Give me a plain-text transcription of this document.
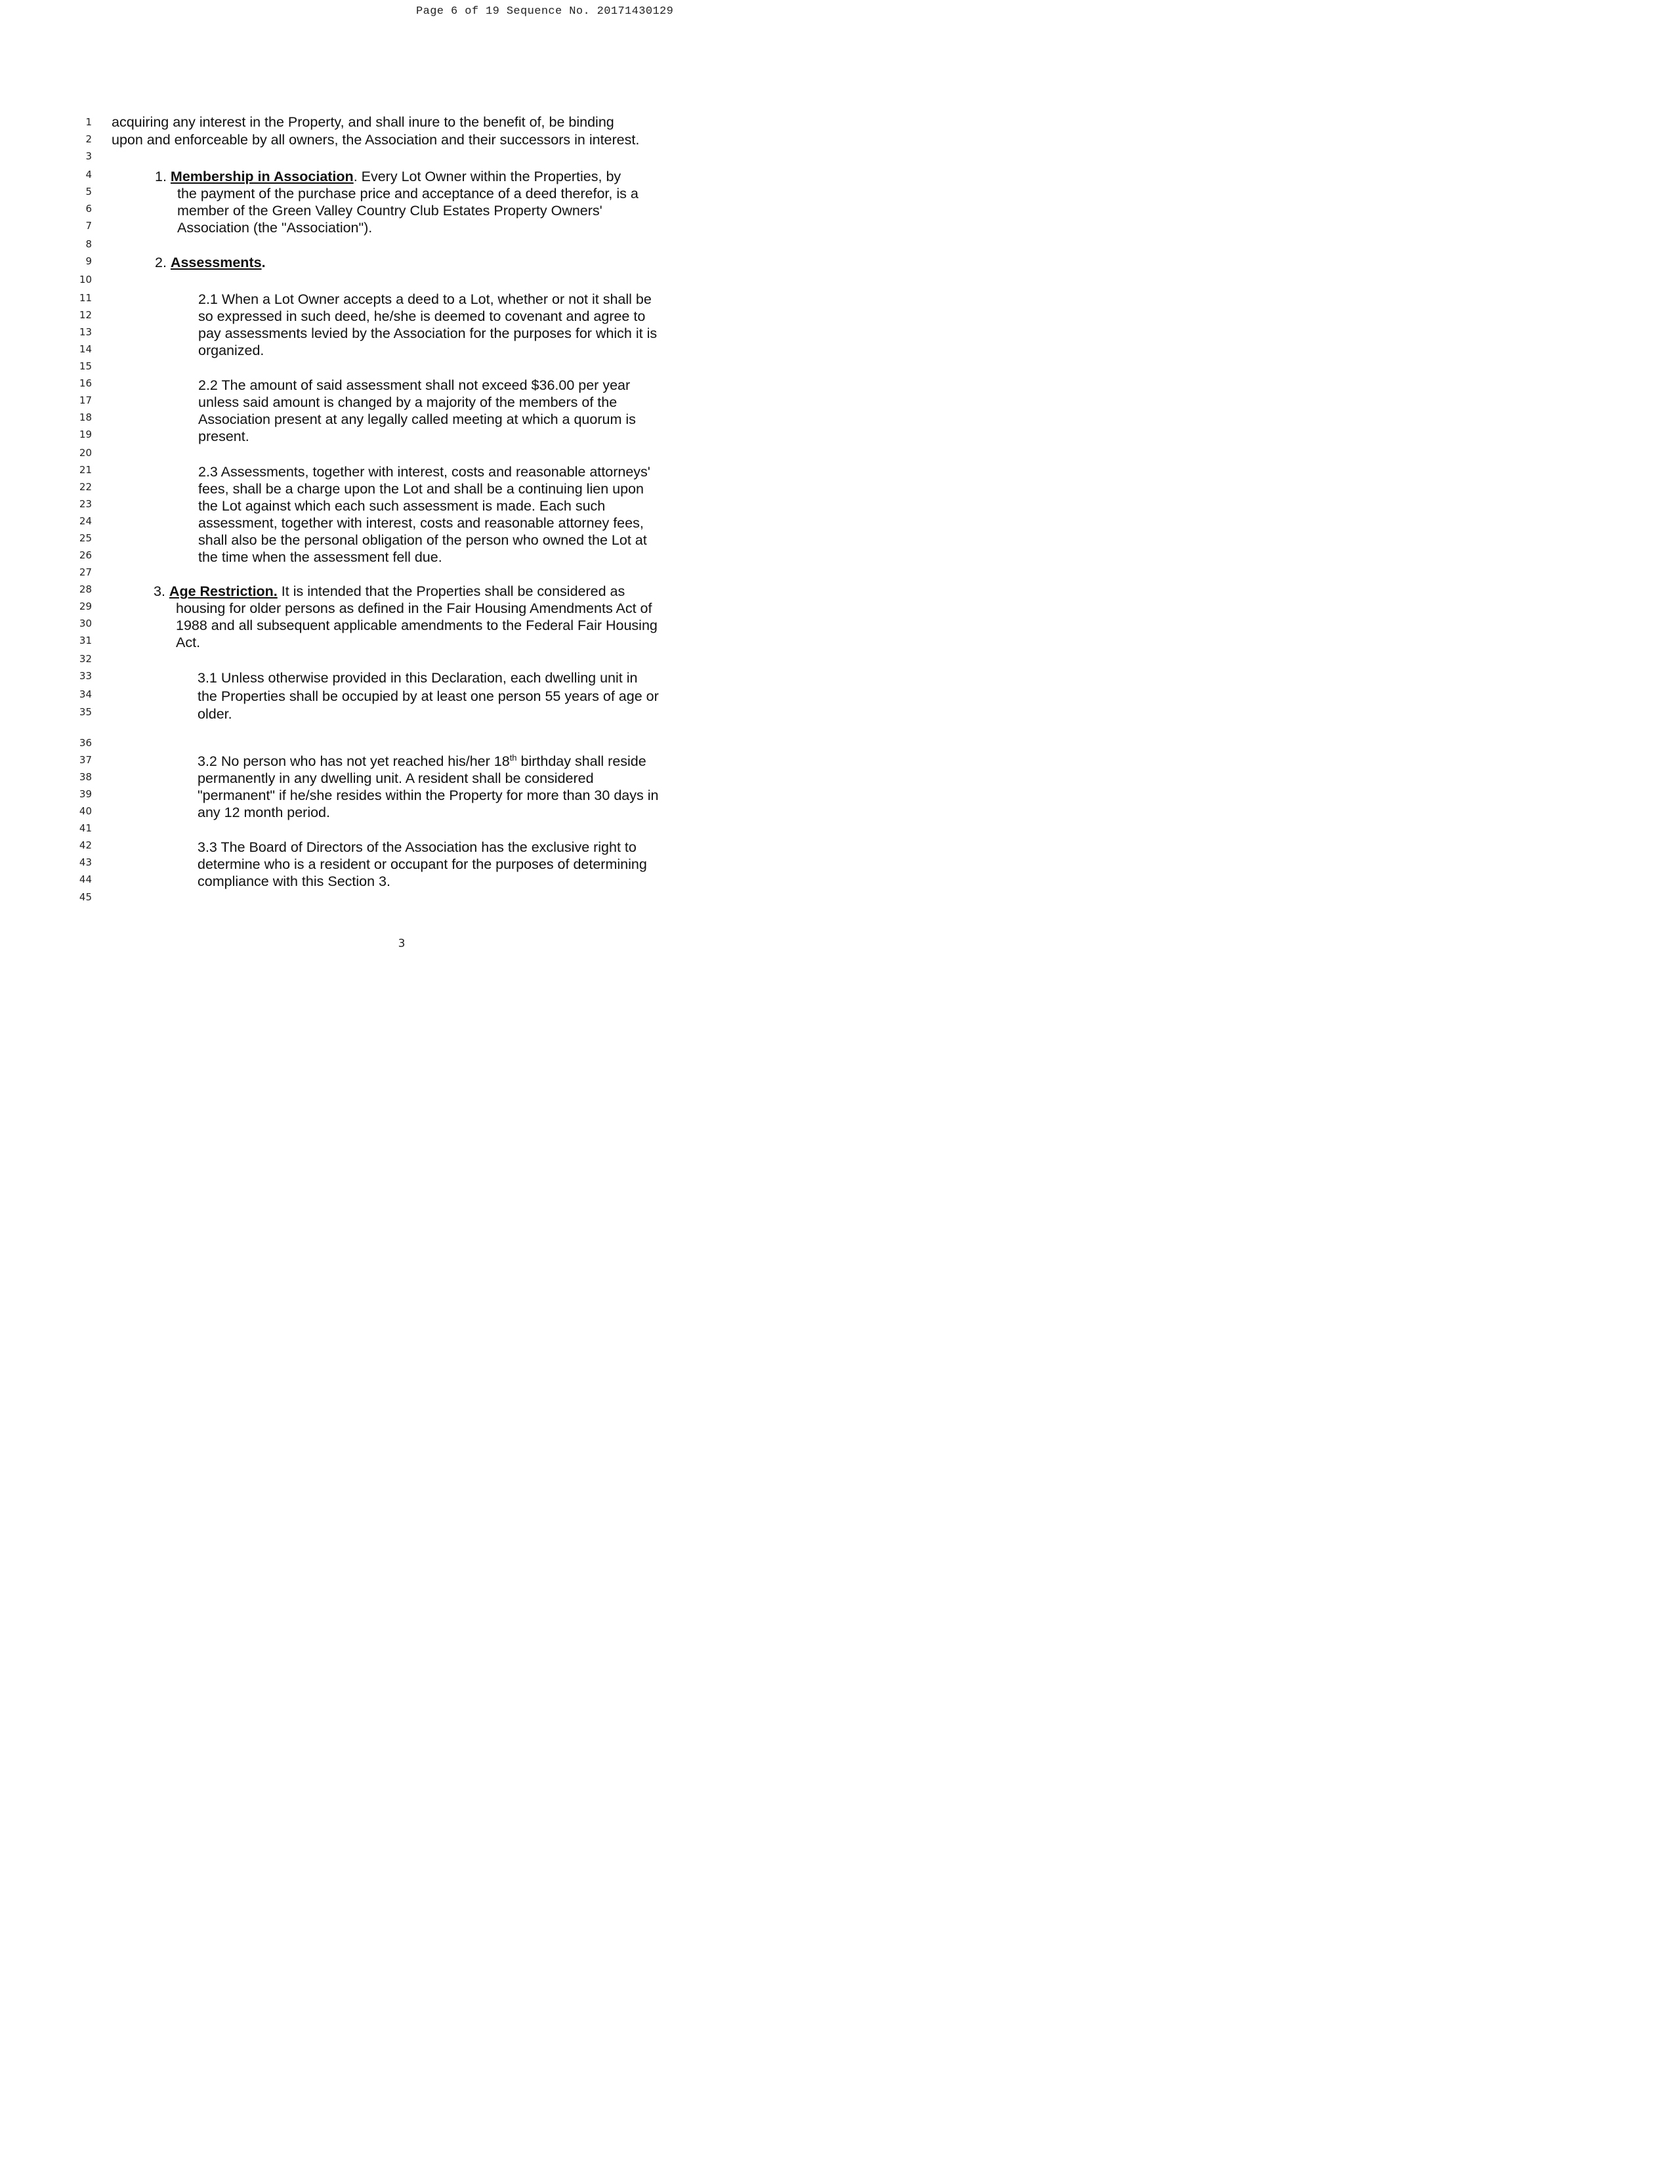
Page 6 of 19 Sequence No. 20171430129
1
2
3
4
5
6
7
8
9
10
11
12
13
14
15
16
17
18
19
20
21
22
23
24
25
26
27
28
29
30
31
32
33
34
35
36
37
38
39
40
41
42
43
44
45
acquiring any interest in the Property, and shall inure to the benefit of, be binding
upon and enforceable by all owners, the Association and their successors in interest.
1. Membership in Association. Every Lot Owner within the Properties, by
the payment of the purchase price and acceptance of a deed therefor, is a
member of the Green Valley Country Club Estates Property Owners'
Association (the "Association").
2. Assessments.
2.1 When a Lot Owner accepts a deed to a Lot, whether or not it shall be
so expressed in such deed, he/she is deemed to covenant and agree to
pay assessments levied by the Association for the purposes for which it is
organized.
2.2 The amount of said assessment shall not exceed $36.00 per year
unless said amount is changed by a majority of the members of the
Association present at any legally called meeting at which a quorum is
present.
2.3 Assessments, together with interest, costs and reasonable attorneys'
fees, shall be a charge upon the Lot and shall be a continuing lien upon
the Lot against which each such assessment is made. Each such
assessment, together with interest, costs and reasonable attorney fees,
shall also be the personal obligation of the person who owned the Lot at
the time when the assessment fell due.
3. Age Restriction. It is intended that the Properties shall be considered as
housing for older persons as defined in the Fair Housing Amendments Act of
1988 and all subsequent applicable amendments to the Federal Fair Housing
Act.
3.1 Unless otherwise provided in this Declaration, each dwelling unit in
the Properties shall be occupied by at least one person 55 years of age or
older.
3.2 No person who has not yet reached his/her 18th birthday shall reside
permanently in any dwelling unit. A resident shall be considered
"permanent" if he/she resides within the Property for more than 30 days in
any 12 month period.
3.3 The Board of Directors of the Association has the exclusive right to
determine who is a resident or occupant for the purposes of determining
compliance with this Section 3.
3
